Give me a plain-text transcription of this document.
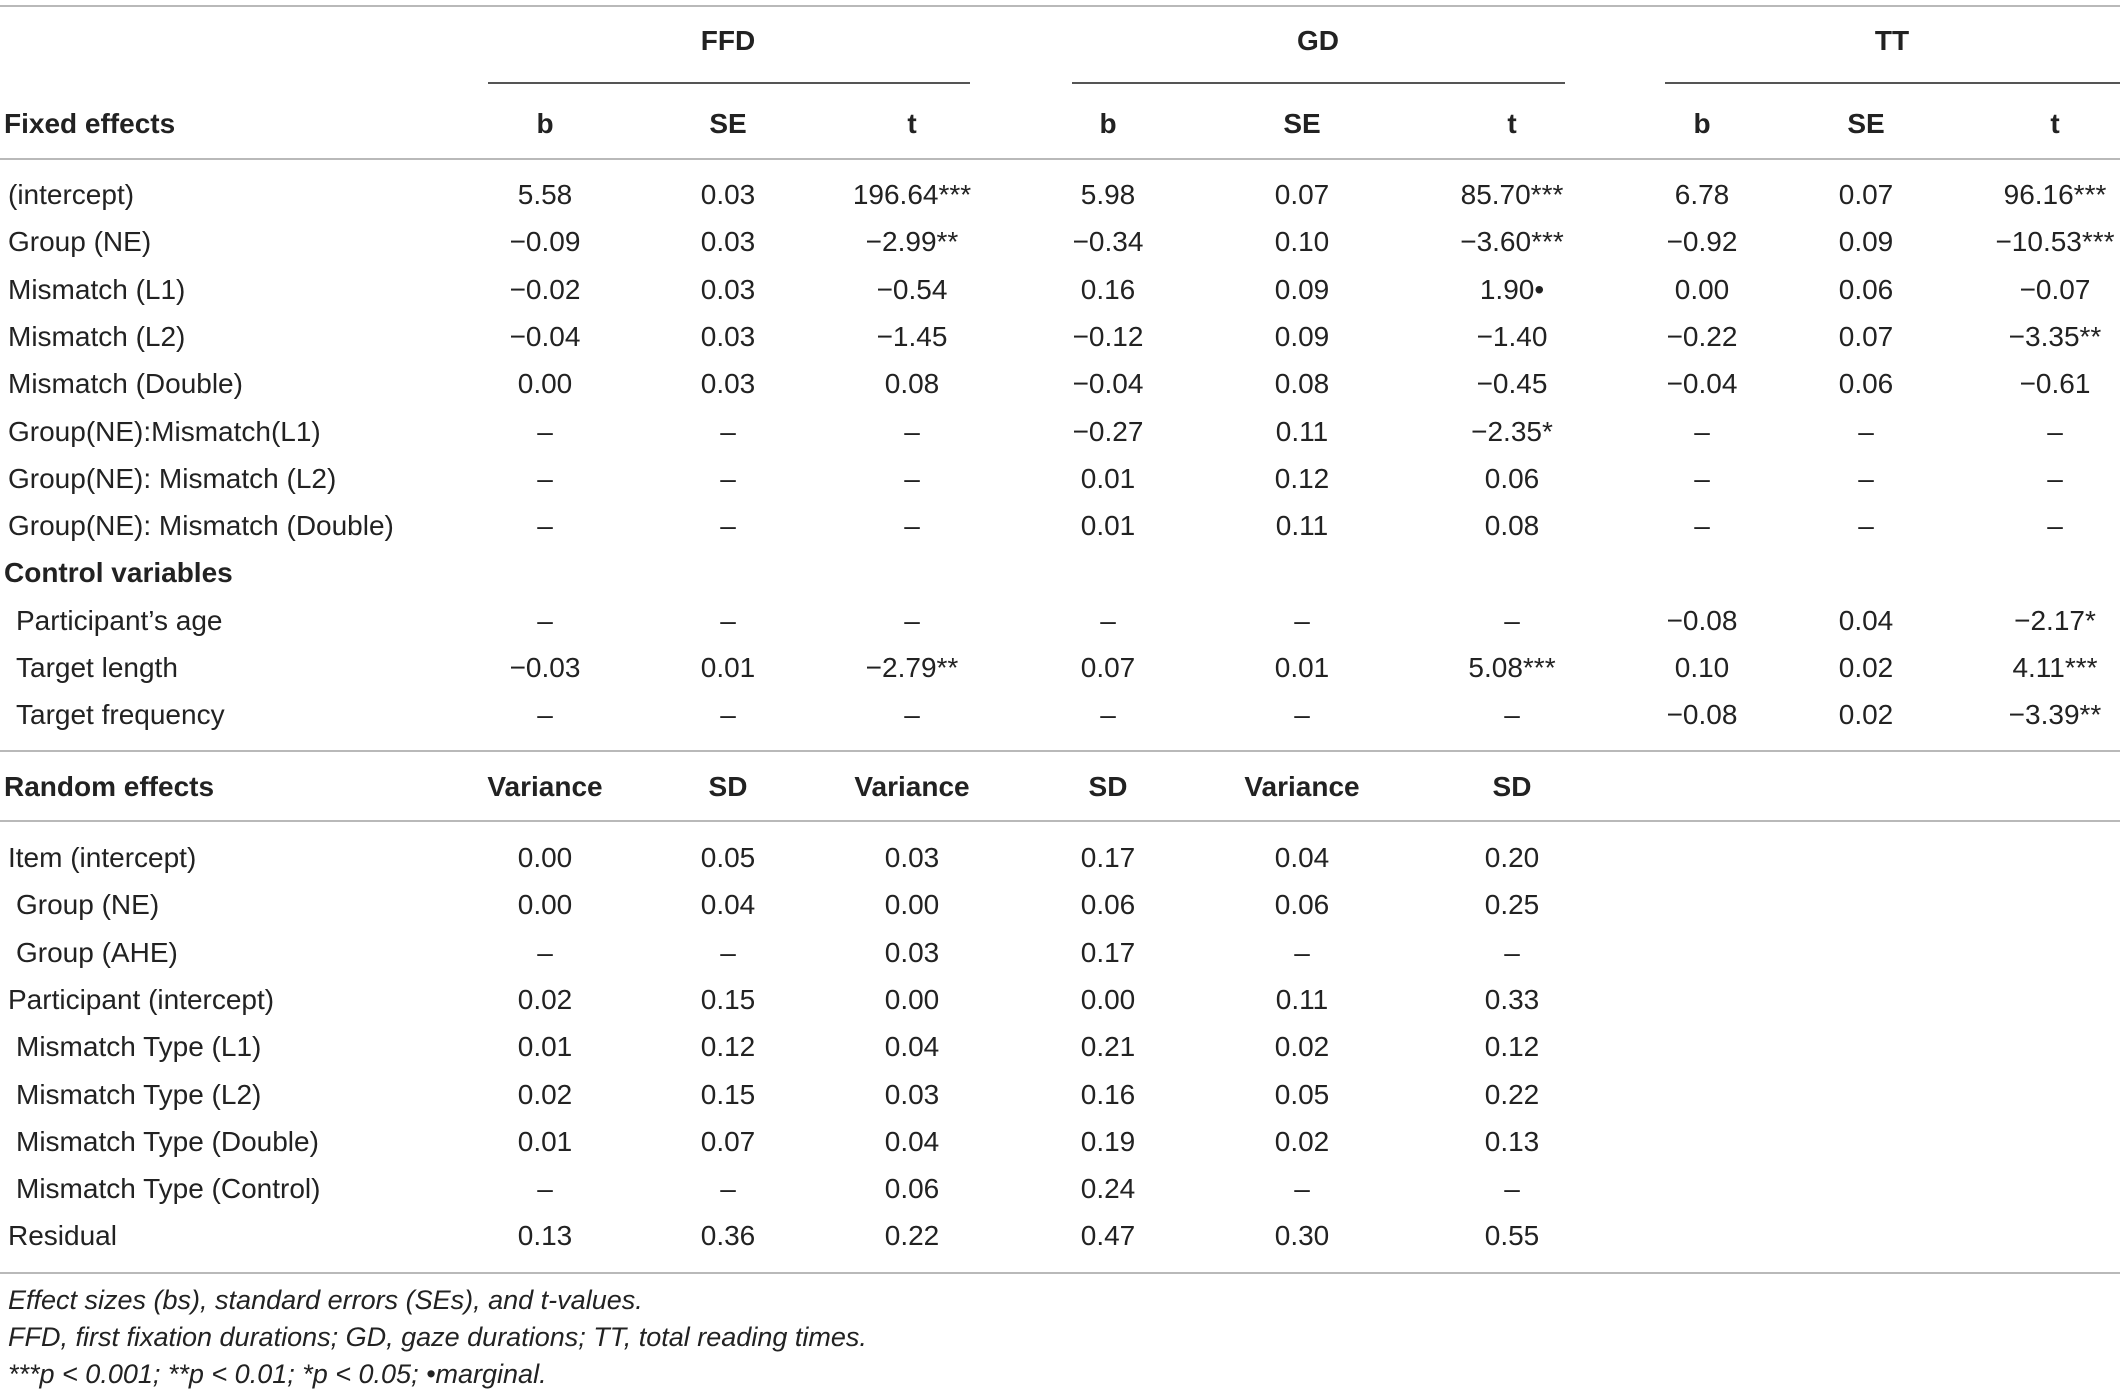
FFD	GD	TT
Fixed effects	b	SE	t	b	SE	t	b	SE	t
(intercept)	5.58	0.03	196.64***	5.98	0.07	85.70***	6.78	0.07	96.16***
Group (NE)	−0.09	0.03	−2.99**	−0.34	0.10	−3.60***	−0.92	0.09	−10.53***
Mismatch (L1)	−0.02	0.03	−0.54	0.16	0.09	1.90•	0.00	0.06	−0.07
Mismatch (L2)	−0.04	0.03	−1.45	−0.12	0.09	−1.40	−0.22	0.07	−3.35**
Mismatch (Double)	0.00	0.03	0.08	−0.04	0.08	−0.45	−0.04	0.06	−0.61
Group(NE):Mismatch(L1)	–	–	–	−0.27	0.11	−2.35*	–	–	–
Group(NE): Mismatch (L2)	–	–	–	0.01	0.12	0.06	–	–	–
Group(NE): Mismatch (Double)	–	–	–	0.01	0.11	0.08	–	–	–
Control variables
Participant’s age	–	–	–	–	–	–	−0.08	0.04	−2.17*
Target length	−0.03	0.01	−2.79**	0.07	0.01	5.08***	0.10	0.02	4.11***
Target frequency	–	–	–	–	–	–	−0.08	0.02	−3.39**
Random effects	Variance	SD	Variance	SD	Variance	SD
Item (intercept)	0.00	0.05	0.03	0.17	0.04	0.20
Group (NE)	0.00	0.04	0.00	0.06	0.06	0.25
Group (AHE)	–	–	0.03	0.17	–	–
Participant (intercept)	0.02	0.15	0.00	0.00	0.11	0.33
Mismatch Type (L1)	0.01	0.12	0.04	0.21	0.02	0.12
Mismatch Type (L2)	0.02	0.15	0.03	0.16	0.05	0.22
Mismatch Type (Double)	0.01	0.07	0.04	0.19	0.02	0.13
Mismatch Type (Control)	–	–	0.06	0.24	–	–
Residual	0.13	0.36	0.22	0.47	0.30	0.55
Effect sizes (bs), standard errors (SEs), and t-values.
FFD, first fixation durations; GD, gaze durations; TT, total reading times.
***p < 0.001; **p < 0.01; *p < 0.05; •marginal.
